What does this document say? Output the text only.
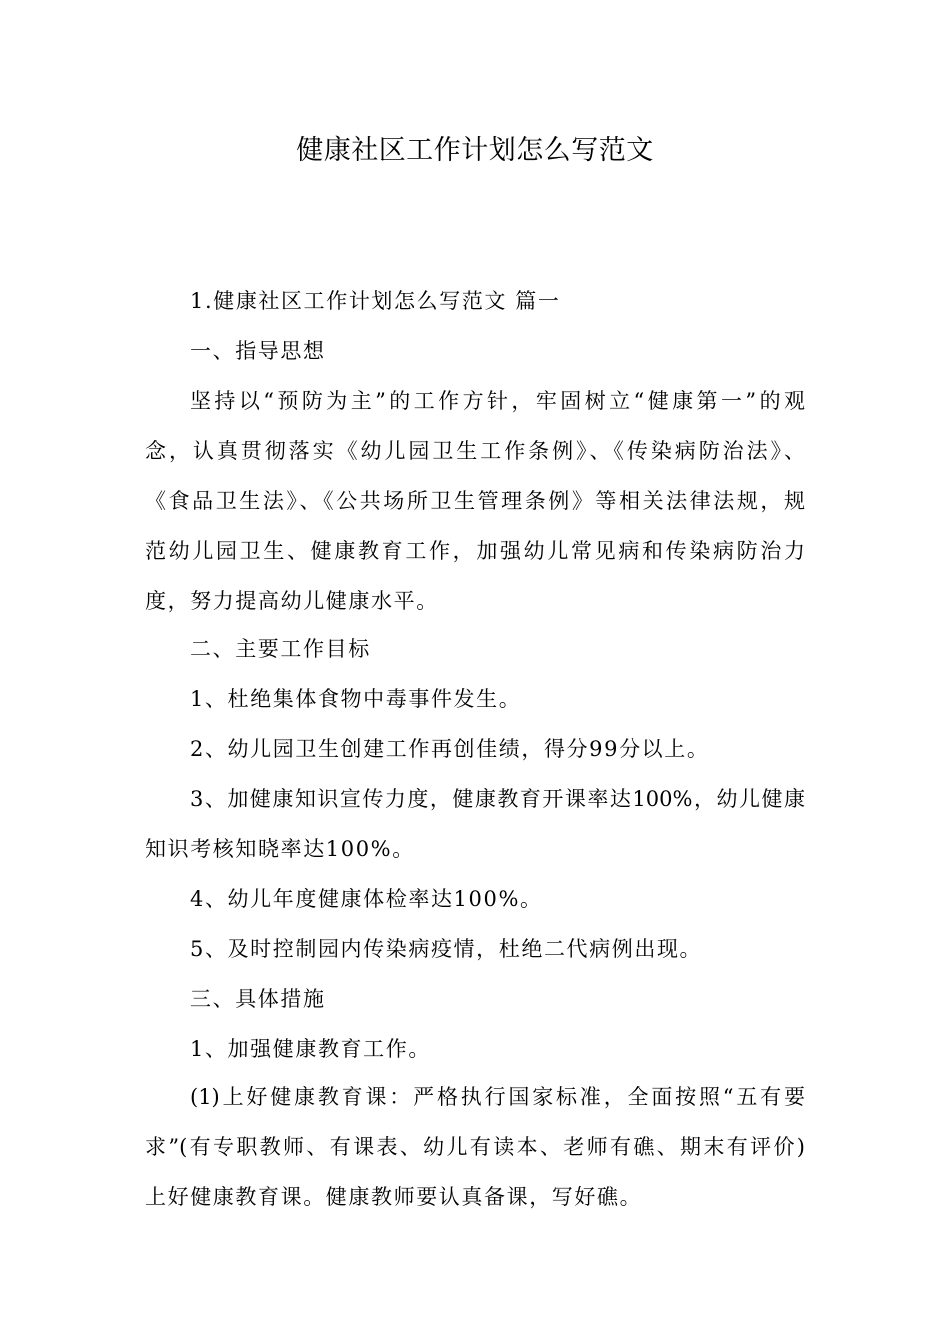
健康社区工作计划怎么写范文
1.健康社区工作计划怎么写范文 篇一
一、指导思想
坚持以“预防为主”的工作方针，牢固树立“健康第一”的观
念，认真贯彻落实《幼儿园卫生工作条例》、《传染病防治法》、
《食品卫生法》、《公共场所卫生管理条例》等相关法律法规，规
范幼儿园卫生、健康教育工作，加强幼儿常见病和传染病防治力
度，努力提高幼儿健康水平。
二、主要工作目标
1、杜绝集体食物中毒事件发生。
2、幼儿园卫生创建工作再创佳绩，得分99分以上。
3、加健康知识宣传力度，健康教育开课率达100%，幼儿健康
知识考核知晓率达100%。
4、幼儿年度健康体检率达100%。
5、及时控制园内传染病疫情，杜绝二代病例出现。
三、具体措施
1、加强健康教育工作。
(1)上好健康教育课：严格执行国家标准，全面按照“五有要
求”(有专职教师、有课表、幼儿有读本、老师有礁、期末有评价)
上好健康教育课。健康教师要认真备课，写好礁。
